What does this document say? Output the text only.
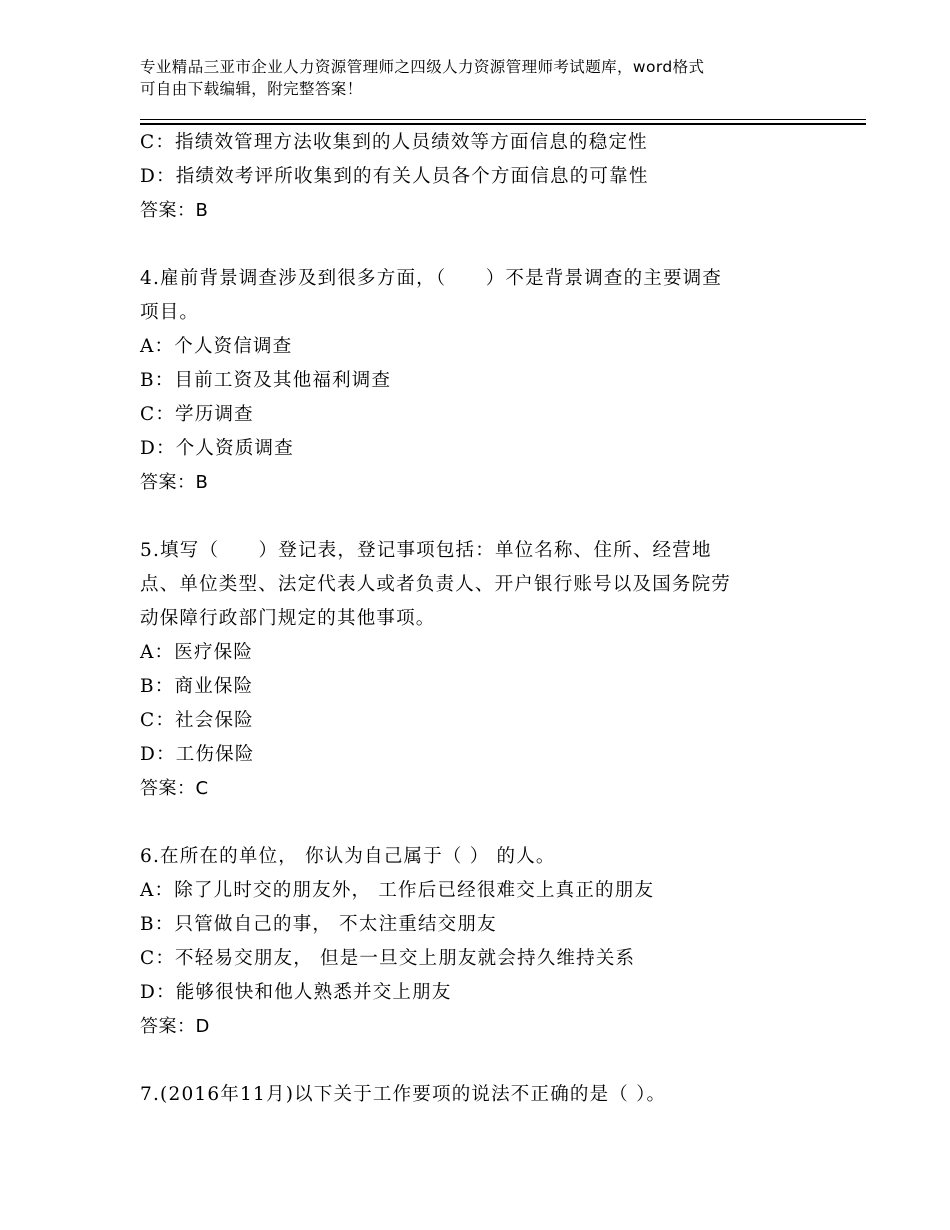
专业精品三亚市企业人力资源管理师之四级人力资源管理师考试题库，word格式
可自由下载编辑，附完整答案！
C：指绩效管理方法收集到的人员绩效等方面信息的稳定性
D：指绩效考评所收集到的有关人员各个方面信息的可靠性
答案：B
4.雇前背景调查涉及到很多方面，（　　）不是背景调查的主要调查
项目。
A：个人资信调查
B：目前工资及其他福利调查
C：学历调查
D：个人资质调查
答案：B
5.填写（　　）登记表，登记事项包括：单位名称、住所、经营地
点、单位类型、法定代表人或者负责人、开户银行账号以及国务院劳
动保障行政部门规定的其他事项。
A：医疗保险
B：商业保险
C：社会保险
D：工伤保险
答案：C
6.在所在的单位， 你认为自己属于（ ） 的人。
A：除了儿时交的朋友外， 工作后已经很难交上真正的朋友
B：只管做自己的事， 不太注重结交朋友
C：不轻易交朋友， 但是一旦交上朋友就会持久维持关系
D：能够很快和他人熟悉并交上朋友
答案：D
7.(2016年11月)以下关于工作要项的说法不正确的是（ ）。
